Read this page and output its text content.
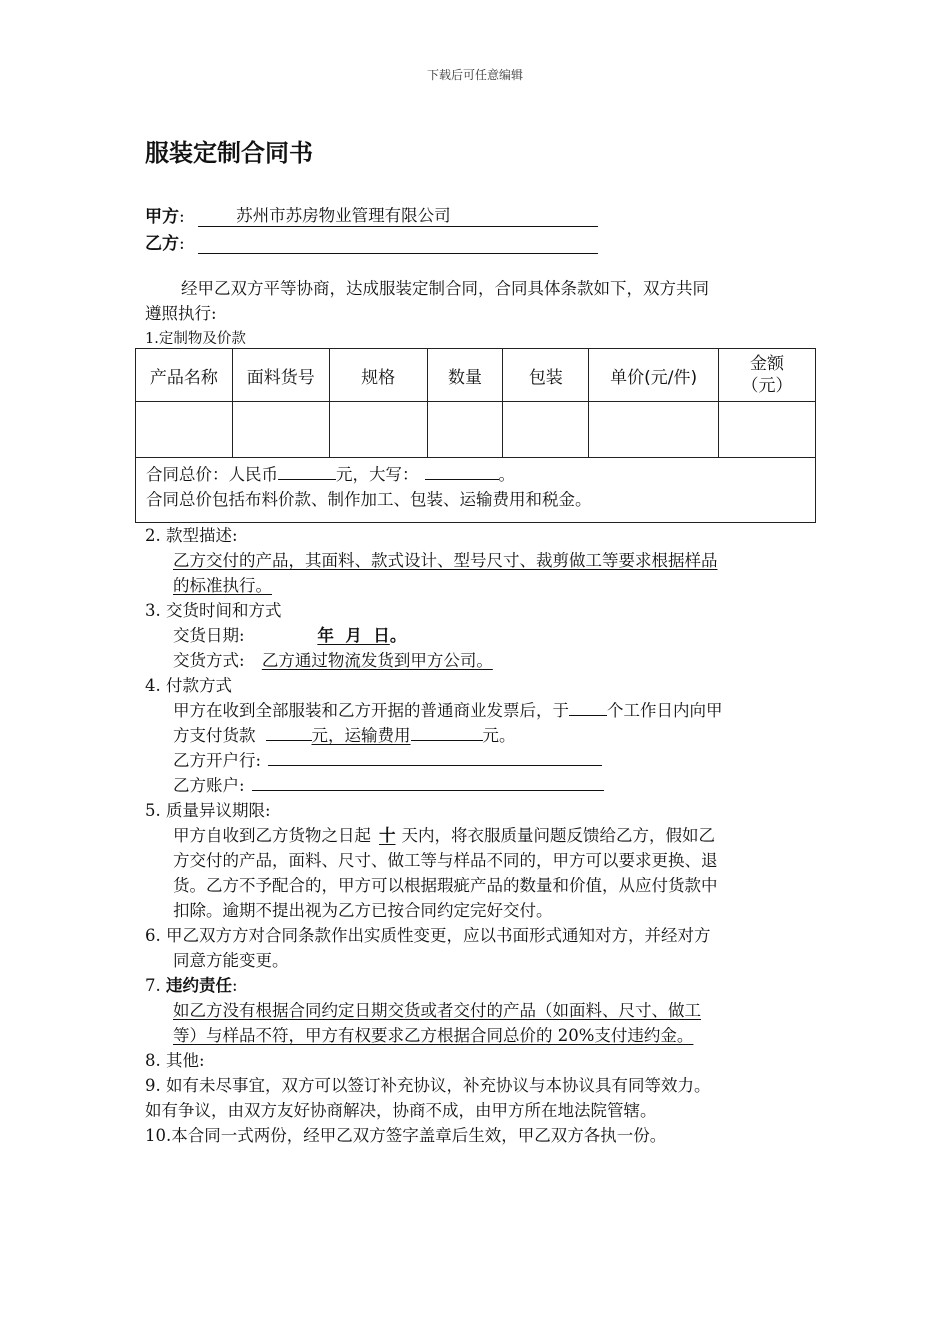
下载后可任意编辑
服装定制合同书
甲方:	苏州市苏房物业管理有限公司
乙方:
经甲乙双方平等协商，达成服装定制合同，合同具体条款如下，双方共同
遵照执行:
1.定制物及价款
产品名称	面料货号	规格	数量	包装	单价(元/件)	金额
（元）

合同总价：人民币 元，大写： 。
合同总价包括布料价款、制作加工、包装、运输费用和税金。						
2. 款型描述:
乙方交付的产品，其面料、款式设计、型号尺寸、裁剪做工等要求根据样品
的标准执行。
3. 交货时间和方式
交货日期:	年  月  日。
交货方式: 乙方通过物流发货到甲方公司。
4. 付款方式
甲方在收到全部服装和乙方开据的普通商业发票后，于 个工作日内向甲
方支付货款	元，运输费用	元。
乙方开户行:
乙方账户:
5. 质量异议期限:
甲方自收到乙方货物之日起 十 天内，将衣服质量问题反馈给乙方，假如乙
方交付的产品，面料、尺寸、做工等与样品不同的，甲方可以要求更换、退
货。乙方不予配合的，甲方可以根据瑕疵产品的数量和价值，从应付货款中
扣除。逾期不提出视为乙方已按合同约定完好交付。
6. 甲乙双方方对合同条款作出实质性变更，应以书面形式通知对方，并经对方
同意方能变更。
7. 违约责任:
如乙方没有根据合同约定日期交货或者交付的产品（如面料、尺寸、做工
等）与样品不符，甲方有权要求乙方根据合同总价的 20%支付违约金。
8. 其他:
9. 如有未尽事宜，双方可以签订补充协议，补充协议与本协议具有同等效力。
如有争议，由双方友好协商解决，协商不成，由甲方所在地法院管辖。
10.本合同一式两份，经甲乙双方签字盖章后生效，甲乙双方各执一份。
